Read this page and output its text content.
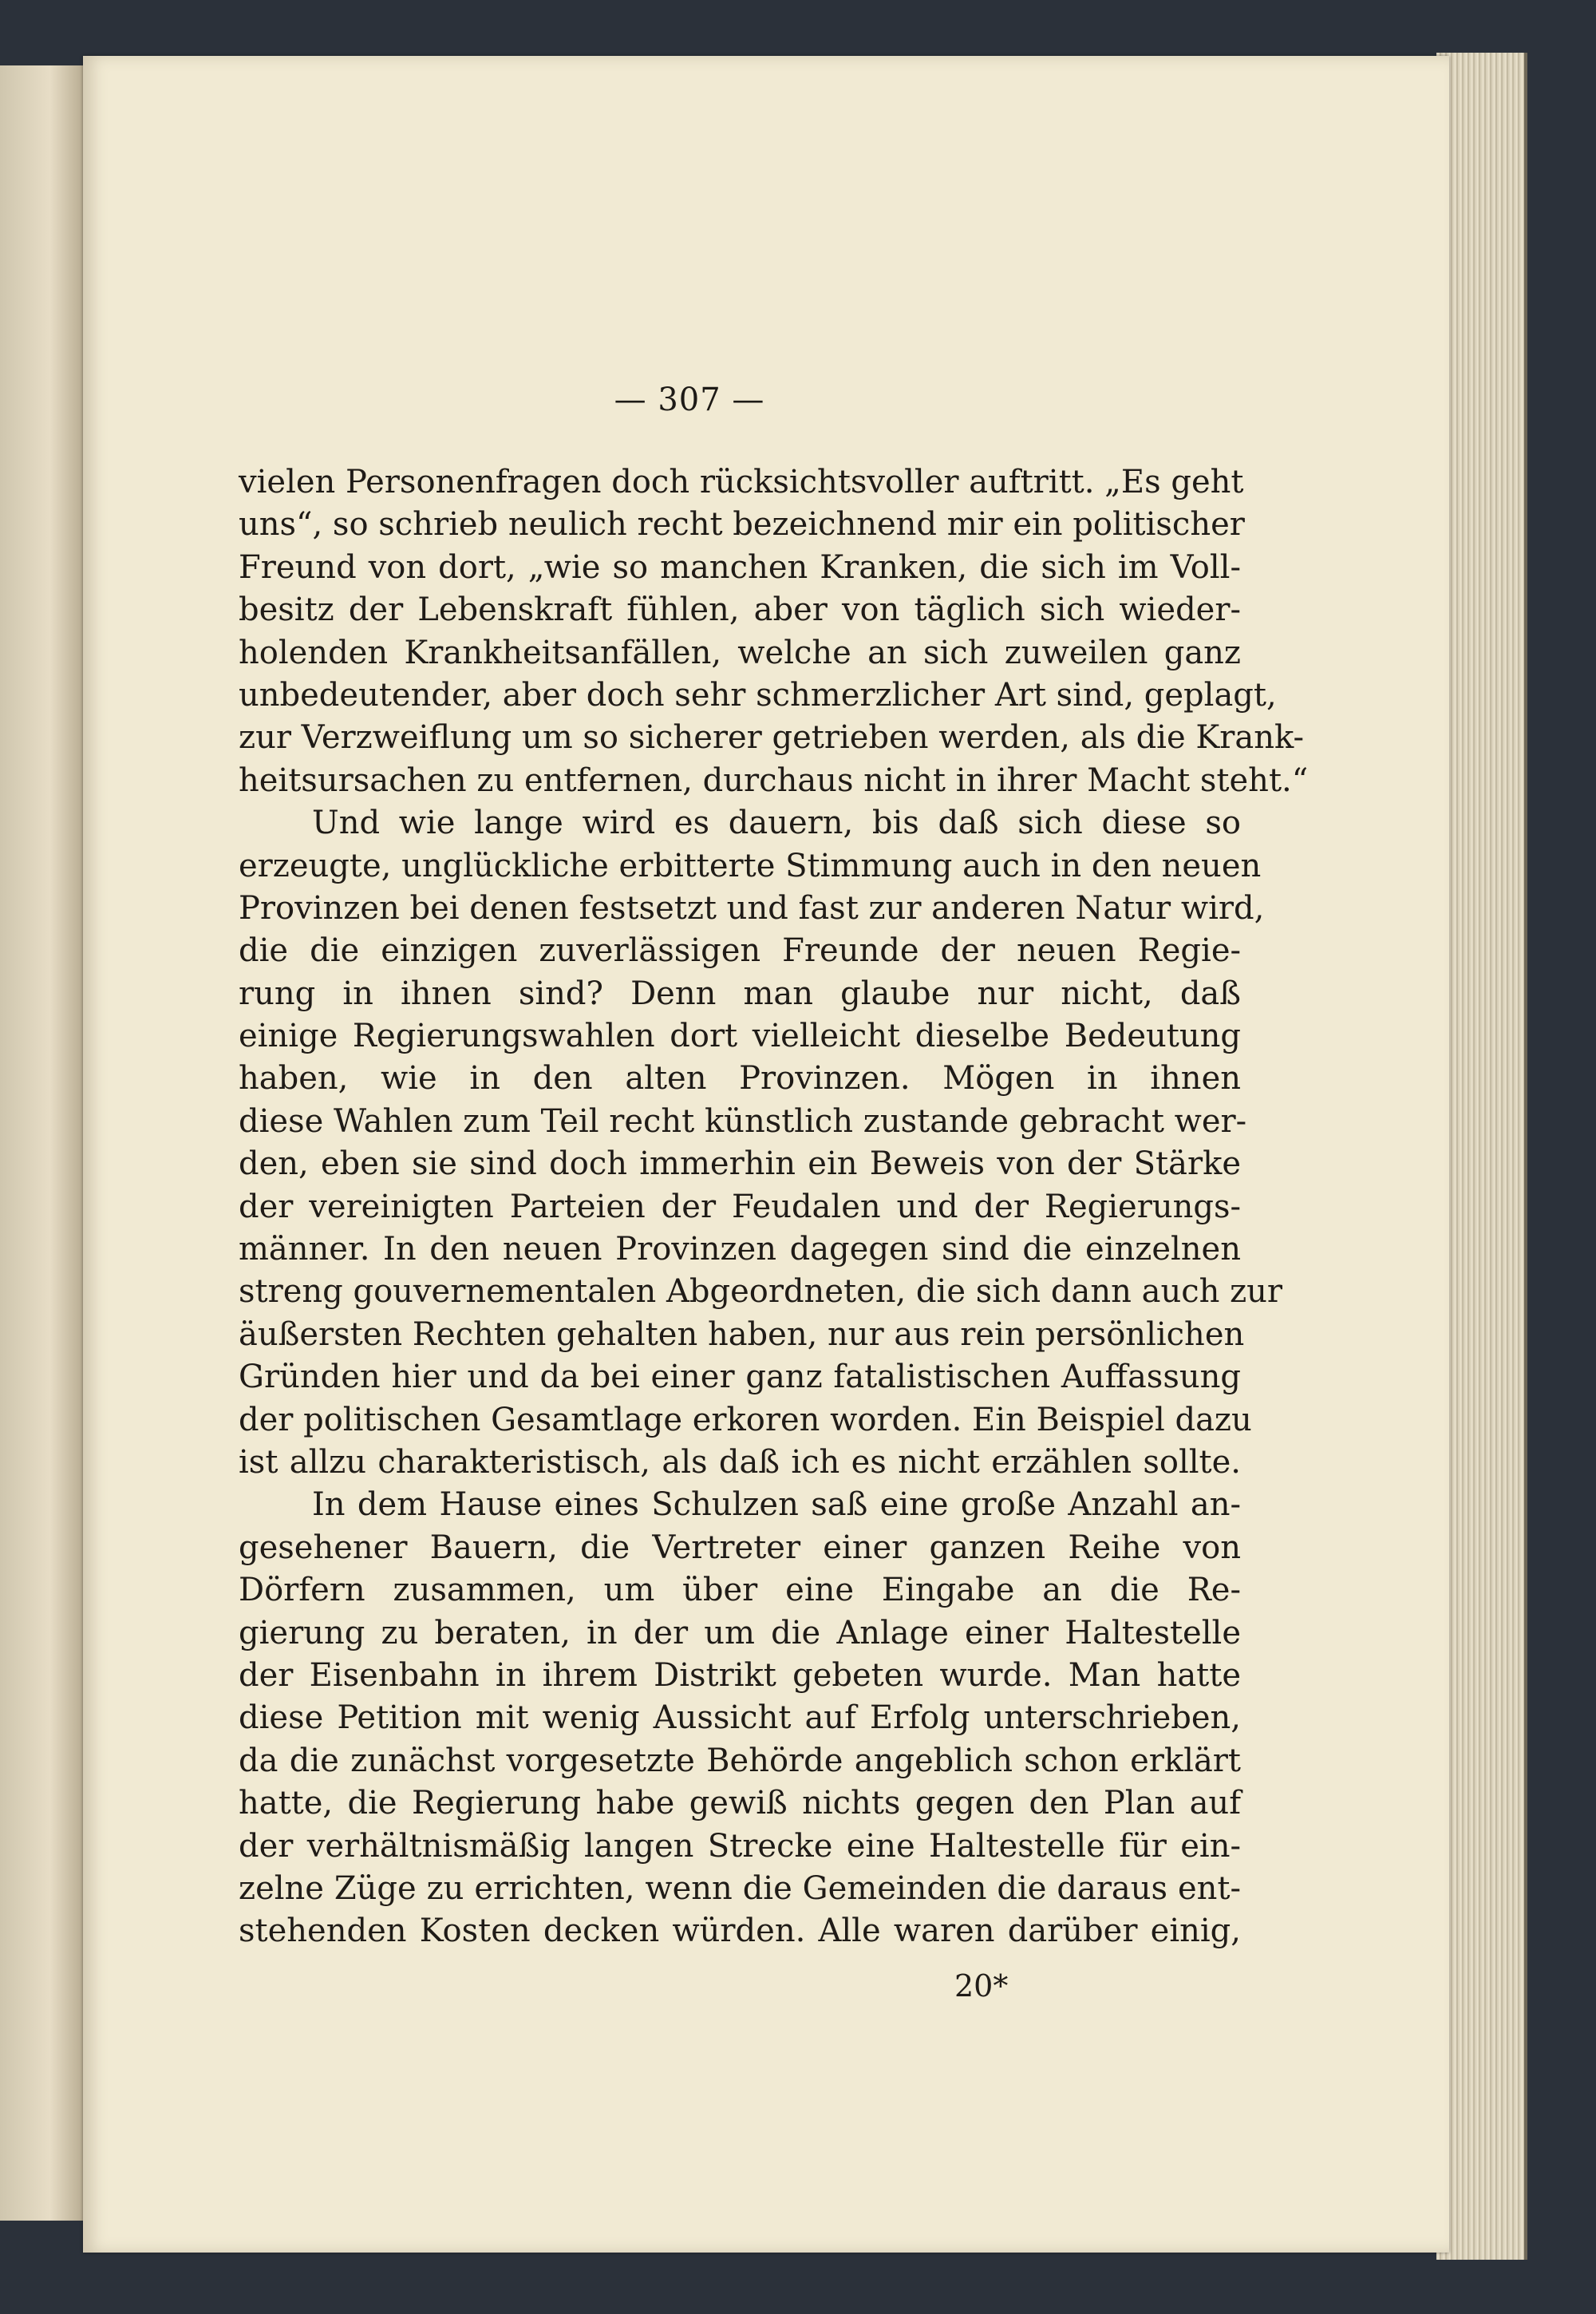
— 307 —
vielen Personenfragen doch rücksichtsvoller auftritt. „Es geht
uns“, so schrieb neulich recht bezeichnend mir ein politischer
Freund von dort, „wie so manchen Kranken, die sich im Voll-
besitz der Lebenskraft fühlen, aber von täglich sich wieder-
holenden Krankheitsanfällen, welche an sich zuweilen ganz
unbedeutender, aber doch sehr schmerzlicher Art sind, geplagt,
zur Verzweiflung um so sicherer getrieben werden, als die Krank-
heitsursachen zu entfernen, durchaus nicht in ihrer Macht steht.“
Und wie lange wird es dauern, bis daß sich diese so
erzeugte, unglückliche erbitterte Stimmung auch in den neuen
Provinzen bei denen festsetzt und fast zur anderen Natur wird,
die die einzigen zuverlässigen Freunde der neuen Regie-
rung in ihnen sind? Denn man glaube nur nicht, daß
einige Regierungswahlen dort vielleicht dieselbe Bedeutung
haben, wie in den alten Provinzen. Mögen in ihnen
diese Wahlen zum Teil recht künstlich zustande gebracht wer-
den, eben sie sind doch immerhin ein Beweis von der Stärke
der vereinigten Parteien der Feudalen und der Regierungs-
männer. In den neuen Provinzen dagegen sind die einzelnen
streng gouvernementalen Abgeordneten, die sich dann auch zur
äußersten Rechten gehalten haben, nur aus rein persönlichen
Gründen hier und da bei einer ganz fatalistischen Auffassung
der politischen Gesamtlage erkoren worden. Ein Beispiel dazu
ist allzu charakteristisch, als daß ich es nicht erzählen sollte.
In dem Hause eines Schulzen saß eine große Anzahl an-
gesehener Bauern, die Vertreter einer ganzen Reihe von
Dörfern zusammen, um über eine Eingabe an die Re-
gierung zu beraten, in der um die Anlage einer Haltestelle
der Eisenbahn in ihrem Distrikt gebeten wurde. Man hatte
diese Petition mit wenig Aussicht auf Erfolg unterschrieben,
da die zunächst vorgesetzte Behörde angeblich schon erklärt
hatte, die Regierung habe gewiß nichts gegen den Plan auf
der verhältnismäßig langen Strecke eine Haltestelle für ein-
zelne Züge zu errichten, wenn die Gemeinden die daraus ent-
stehenden Kosten decken würden. Alle waren darüber einig,
20*
